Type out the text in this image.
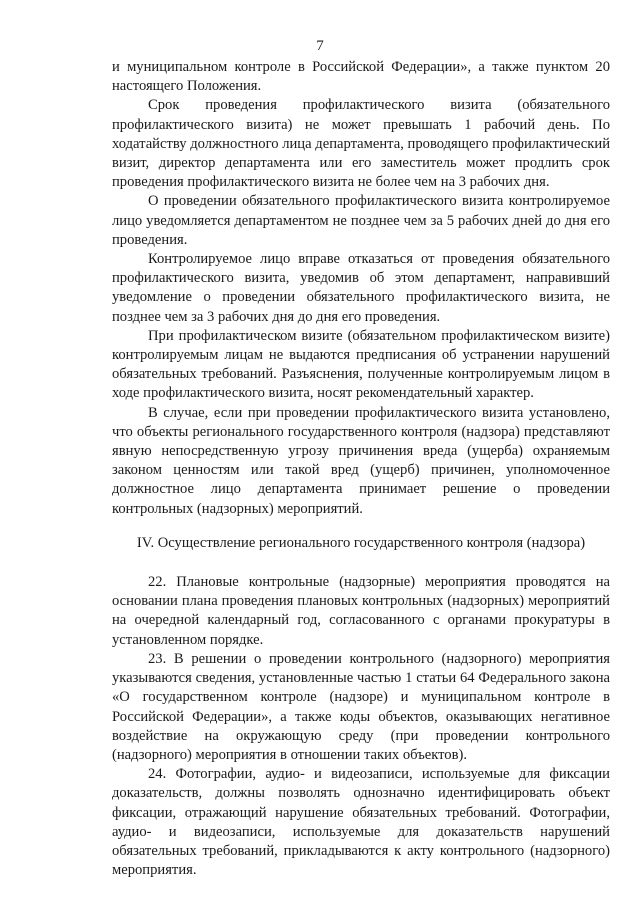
7

и муниципальном контроле в Российской Федерации», а также пунктом 20 настоящего Положения.

Срок проведения профилактического визита (обязательного профилактического визита) не может превышать 1 рабочий день. По ходатайству должностного лица департамента, проводящего профилактический визит, директор департамента или его заместитель может продлить срок проведения профилактического визита не более чем на 3 рабочих дня.

О проведении обязательного профилактического визита контролируемое лицо уведомляется департаментом не позднее чем за 5 рабочих дней до дня его проведения.

Контролируемое лицо вправе отказаться от проведения обязательного профилактического визита, уведомив об этом департамент, направивший уведомление о проведении обязательного профилактического визита, не позднее чем за 3 рабочих дня до дня его проведения.

При профилактическом визите (обязательном профилактическом визите) контролируемым лицам не выдаются предписания об устранении нарушений обязательных требований. Разъяснения, полученные контролируемым лицом в ходе профилактического визита, носят рекомендательный характер.

В случае, если при проведении профилактического визита установлено, что объекты регионального государственного контроля (надзора) представляют явную непосредственную угрозу причинения вреда (ущерба) охраняемым законом ценностям или такой вред (ущерб) причинен, уполномоченное должностное лицо департамента принимает решение о проведении контрольных (надзорных) мероприятий.

IV. Осуществление регионального государственного контроля (надзора)

22. Плановые контрольные (надзорные) мероприятия проводятся на основании плана проведения плановых контрольных (надзорных) мероприятий на очередной календарный год, согласованного с органами прокуратуры в установленном порядке.

23. В решении о проведении контрольного (надзорного) мероприятия указываются сведения, установленные частью 1 статьи 64 Федерального закона «О государственном контроле (надзоре) и муниципальном контроле в Российской Федерации», а также коды объектов, оказывающих негативное воздействие на окружающую среду (при проведении контрольного (надзорного) мероприятия в отношении таких объектов).

24. Фотографии, аудио- и видеозаписи, используемые для фиксации доказательств, должны позволять однозначно идентифицировать объект фиксации, отражающий нарушение обязательных требований. Фотографии, аудио- и видеозаписи, используемые для доказательств нарушений обязательных требований, прикладываются к акту контрольного (надзорного) мероприятия.
